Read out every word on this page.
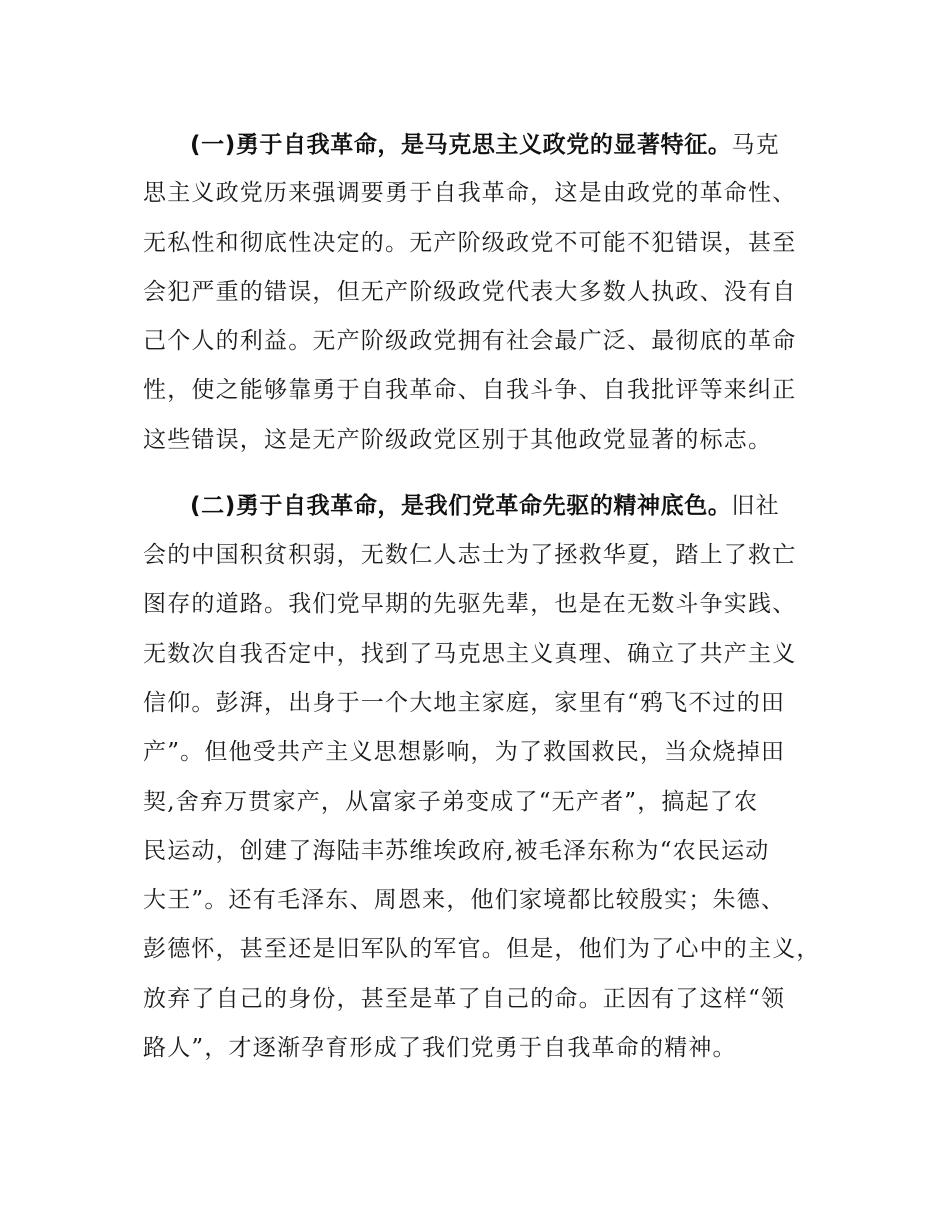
(一)勇于自我革命，是马克思主义政党的显著特征。马克
思主义政党历来强调要勇于自我革命，这是由政党的革命性、
无私性和彻底性决定的。无产阶级政党不可能不犯错误，甚至
会犯严重的错误，但无产阶级政党代表大多数人执政、没有自
己个人的利益。无产阶级政党拥有社会最广泛、最彻底的革命
性，使之能够靠勇于自我革命、自我斗争、自我批评等来纠正
这些错误，这是无产阶级政党区别于其他政党显著的标志。
(二)勇于自我革命，是我们党革命先驱的精神底色。旧社
会的中国积贫积弱，无数仁人志士为了拯救华夏，踏上了救亡
图存的道路。我们党早期的先驱先辈，也是在无数斗争实践、
无数次自我否定中，找到了马克思主义真理、确立了共产主义
信仰。彭湃，出身于一个大地主家庭，家里有“鸦飞不过的田
产”。但他受共产主义思想影响，为了救国救民，当众烧掉田
契,舍弃万贯家产，从富家子弟变成了“无产者”，搞起了农
民运动，创建了海陆丰苏维埃政府,被毛泽东称为“农民运动
大王”。还有毛泽东、周恩来，他们家境都比较殷实；朱德、
彭德怀，甚至还是旧军队的军官。但是，他们为了心中的主义，
放弃了自己的身份，甚至是革了自己的命。正因有了这样“领
路人”，才逐渐孕育形成了我们党勇于自我革命的精神。
